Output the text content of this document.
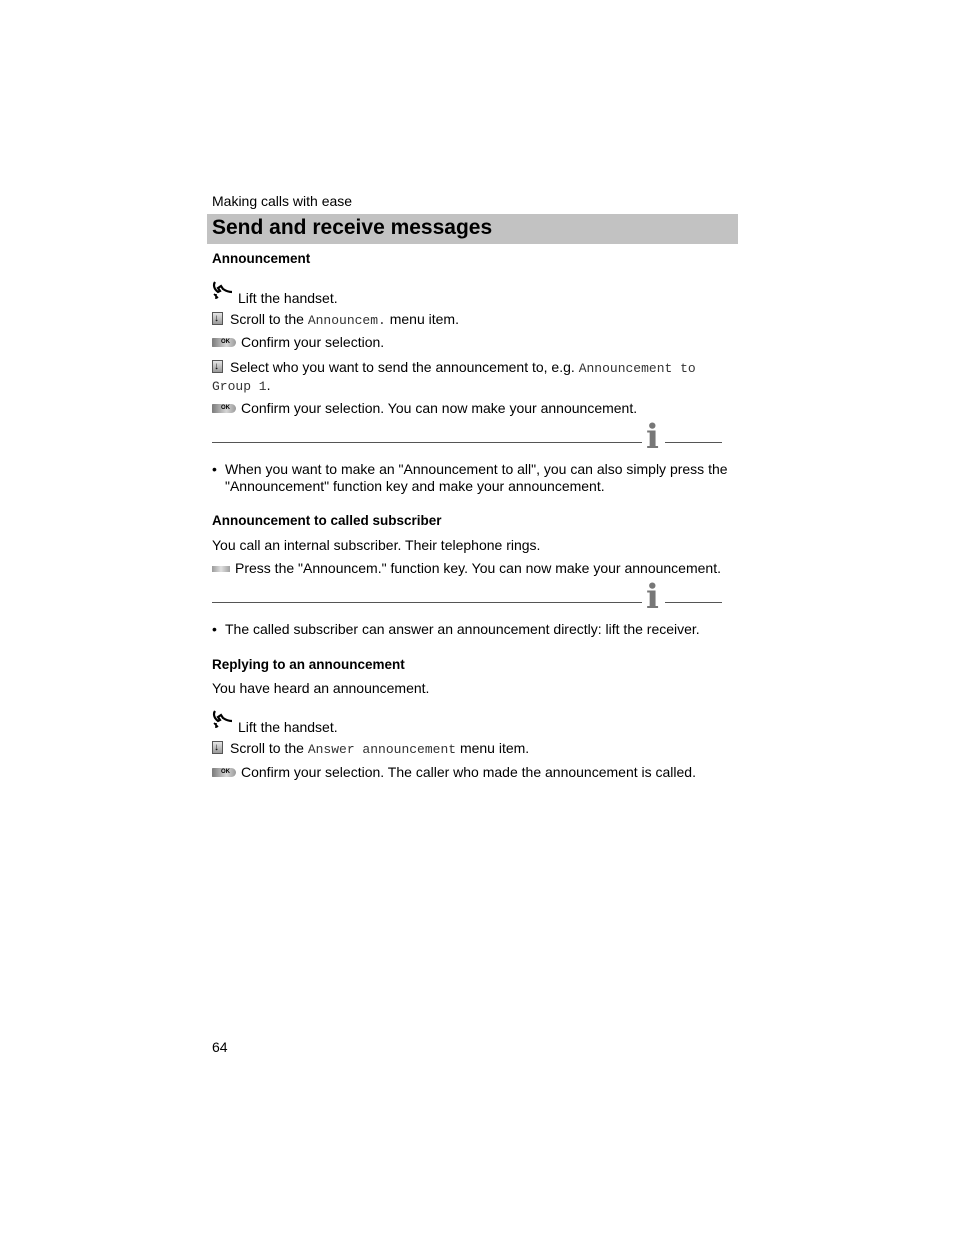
Making calls with ease
Send and receive messages
Announcement
Lift the handset.
↓Scroll to the Announcem. menu item.
OK Confirm your selection.
↓Select who you want to send the announcement to, e.g. Announcement to
Group 1.
OK Confirm your selection. You can now make your announcement.
i
• When you want to make an "Announcement to all", you can also simply press the
"Announcement" function key and make your announcement.
Announcement to called subscriber
You call an internal subscriber. Their telephone rings.
Press the "Announcem." function key. You can now make your announcement.
i
• The called subscriber can answer an announcement directly: lift the receiver.
Replying to an announcement
You have heard an announcement.
Lift the handset.
↓Scroll to the Answer announcement menu item.
OK Confirm your selection. The caller who made the announcement is called.
64
